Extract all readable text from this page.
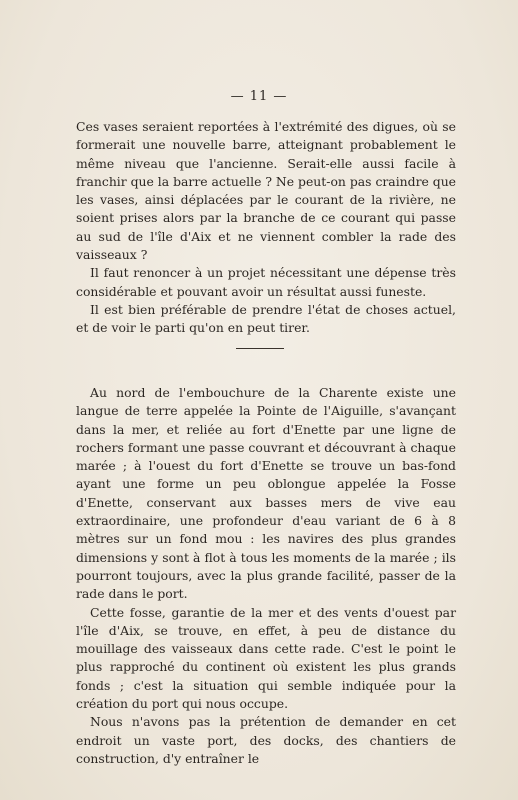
— 11 —

Ces vases seraient reportées à l'extrémité des digues, où se formerait une nouvelle barre, atteignant probablement le même niveau que l'ancienne. Serait-elle aussi facile à franchir que la barre actuelle ? Ne peut-on pas craindre que les vases, ainsi déplacées par le courant de la rivière, ne soient prises alors par la branche de ce courant qui passe au sud de l'île d'Aix et ne viennent combler la rade des vaisseaux ?

Il faut renoncer à un projet nécessitant une dépense très considérable et pouvant avoir un résultat aussi funeste.

Il est bien préférable de prendre l'état de choses actuel, et de voir le parti qu'on en peut tirer.

Au nord de l'embouchure de la Charente existe une langue de terre appelée la Pointe de l'Aiguille, s'avançant dans la mer, et reliée au fort d'Enette par une ligne de rochers formant une passe couvrant et découvrant à chaque marée ; à l'ouest du fort d'Enette se trouve un bas-fond ayant une forme un peu oblongue appelée la Fosse d'Enette, conservant aux basses mers de vive eau extraordinaire, une profondeur d'eau variant de 6 à 8 mètres sur un fond mou : les navires des plus grandes dimensions y sont à flot à tous les moments de la marée ; ils pourront toujours, avec la plus grande facilité, passer de la rade dans le port.

Cette fosse, garantie de la mer et des vents d'ouest par l'île d'Aix, se trouve, en effet, à peu de distance du mouillage des vaisseaux dans cette rade. C'est le point le plus rapproché du continent où existent les plus grands fonds ; c'est la situation qui semble indiquée pour la création du port qui nous occupe.

Nous n'avons pas la prétention de demander en cet endroit un vaste port, des docks, des chantiers de construction, d'y entraîner le
